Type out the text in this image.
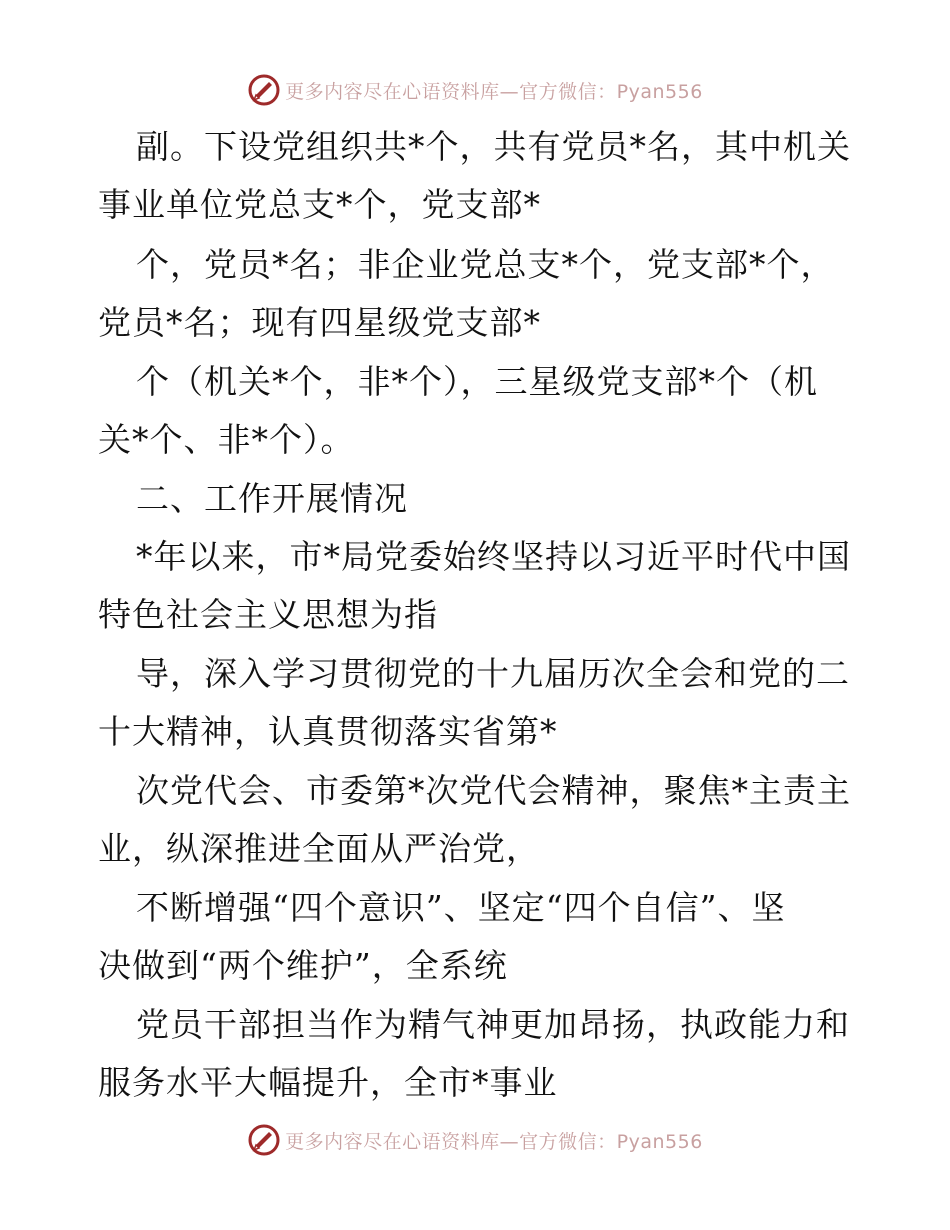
更多内容尽在心语资料库—官方微信：Pyan556
副。下设党组织共*个，共有党员*名，其中机关
事业单位党总支*个，党支部*
个，党员*名；非企业党总支*个，党支部*个，
党员*名；现有四星级党支部*
个（机关*个，非*个），三星级党支部*个（机
关*个、非*个）。
二、工作开展情况
*年以来，市*局党委始终坚持以习近平时代中国
特色社会主义思想为指
导，深入学习贯彻党的十九届历次全会和党的二
十大精神，认真贯彻落实省第*
次党代会、市委第*次党代会精神，聚焦*主责主
业，纵深推进全面从严治党，
不断增强“四个意识”、坚定“四个自信”、坚
决做到“两个维护”，全系统
党员干部担当作为精气神更加昂扬，执政能力和
服务水平大幅提升，全市*事业
更多内容尽在心语资料库—官方微信：Pyan556
